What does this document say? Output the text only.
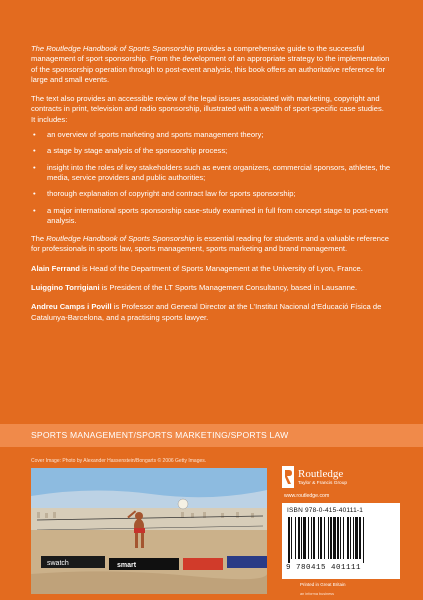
The Routledge Handbook of Sports Sponsorship provides a comprehensive guide to the successful management of sport sponsorship. From the development of an appropriate strategy to the implementation of the sponsorship operation through to post-event analysis, this book offers an authoritative reference for large and small events.

The text also provides an accessible review of the legal issues associated with marketing, copyright and contracts in print, television and radio sponsorship, illustrated with a wealth of sport-specific case studies.
It includes:

• an overview of sports marketing and sports management theory;
• a stage by stage analysis of the sponsorship process;
• insight into the roles of key stakeholders such as event organizers, commercial sponsors, athletes, the media, service providers and public authorities;
• thorough explanation of copyright and contract law for sports sponsorship;
• a major international sports sponsorship case-study examined in full from concept stage to post-event analysis.

The Routledge Handbook of Sports Sponsorship is essential reading for students and a valuable reference for professionals in sports law, sports management, sports marketing and brand management.

Alain Ferrand is Head of the Department of Sports Management at the University of Lyon, France.

Luiggino Torrigiani is President of the LT Sports Management Consultancy, based in Lausanne.

Andreu Camps i Povill is Professor and General Director at the L’Institut Nacional d’Educació Física de Catalunya-Barcelona, and a practising sports lawyer.

SPORTS MANAGEMENT/SPORTS MARKETING/SPORTS LAW
Cover Image: Photo by Alexander Hassenstein/Bongarts © 2006 Getty Images.
swatch	smart
Routledge
Taylor & Francis Group
www.routledge.com
ISBN 978-0-415-40111-1
9 780415 401111
Printed in Great Britain
an informa business
